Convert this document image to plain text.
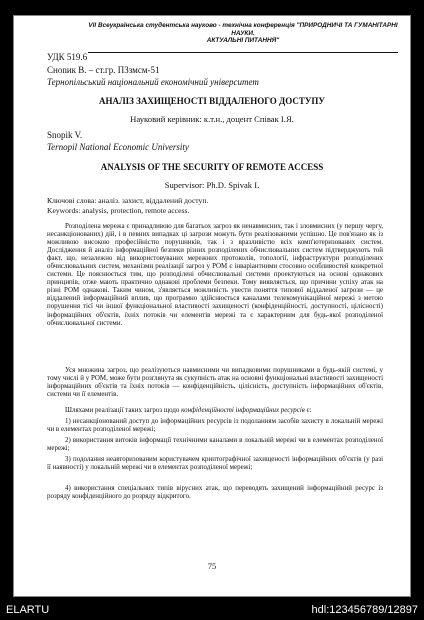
VII Всеукраїнська студентська науково - технічна конференція "ПРИРОДНИЧІ ТА ГУМАНІТАРНІ НАУКИ.
АКТУАЛЬНІ ПИТАННЯ"
УДК 519.6
Сноnик В. – ст.гр. ПЗзмсм-51
Тернопільський національний економічний університет
АНАЛІЗ ЗАХИЩЕНОСТІ ВІДДАЛЕНОГО ДОСТУПУ
Науковий керівник: к.т.н., доцент Співак І.Я.
Snopik V.
Ternopil National Economic University
ANALYSIS OF THE SECURITY OF REMOTE ACCESS
Supervisor: Ph.D. Spivak I.
Ключові слова: аналіз. захист, віддалений доступ.
Keywords: analysis, protection, remote access.

Розподілена мережа є принадливою для багатьох загроз як ненавмисних, так і зловмисних (у першу чергу, несанкціонованих) дій, і в певних випадках ці загрози можуть бути реалізованими успішно. Це пов'язано як із можливою високою професійністю порушників, так і з вразливістю всіх комп'ютеризованих систем. Дослідження й аналіз інформаційної безпеки різних розподілених обчислювальних систем підтверджують той факт, що, незалежно від використовуваних мережних протоколів, топології, інфраструктури розподілених обчислювальних систем, механізми реалізації загроз у РОМ є інваріантними стосовно особливостей конкретної системи. Це пояснюється тим, що розподілені обчислювальні системи проектуються на основі однакових принципів, отже мають практично однакові проблеми безпеки. Тому виявляється, що причини успіху атак на різні РОМ однакові. Таким чином, з'являється можливість увести поняття типової віддаленої загрози — це віддалений інформаційний вплив, що програмно здійснюється каналами телекомунікаційної мережі з метою порушення тієї чи іншої функціональної властивості захищеності (конфіденційності, доступності, цілісності) інформаційних об'єктів, їхніх потоків чи елементів мережі та є характерним для будь-якої розподіленої обчислювальної системи.

Уся множина загроз, що реалізуються навмисними чи випадковими порушниками в будь-якій системі, у тому числі й у РОМ, може бути розглянута як сукупність атак на основні функціональні властивості захищеності інформаційних об'єктів та їхніх потоків — конфіденційність, цілісність, доступність інформаційних об'єктів, системи чи її елементів.

Шляхами реалізації таких загроз щодо конфіденційності інформаційних ресурсів є:

1) несанкціонований доступ до інформаційних ресурсів із подоланням засобів захисту в локальній мережі чи в елементах розподіленої мережі;

2) використання витоків інформації технічними каналами в локальній мережі чи в елементах розподіленої мережі;

3) подолання неавторизованим користувачем криптографічної захищеності інформаційних об'єктів (у разі її наявності) у локальній мережі чи в елементах розподіленої мережі;

4) використання спеціальних типів вірусних атак, що переводять захищений інформаційний ресурс із розряду конфіденційного до розряду відкритого.

75
ELARTU	hdl:123456789/12897
